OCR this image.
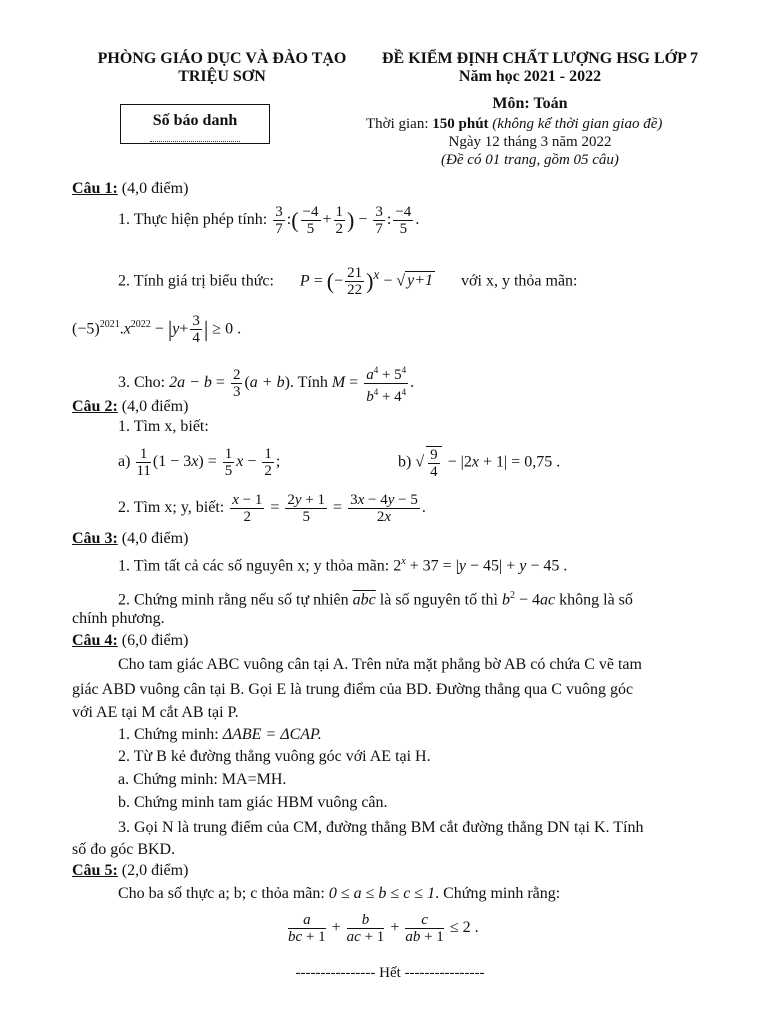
PHÒNG GIÁO DỤC VÀ ĐÀO TẠO
TRIỆU SƠN
ĐỀ KIỂM ĐỊNH CHẤT LƯỢNG HSG LỚP 7
Năm học 2021 - 2022
Môn: Toán
Thời gian: 150 phút (không kể thời gian giao đề)
Ngày 12 tháng 3 năm 2022
(Đề có 01 trang, gồm 05 câu)
Số báo danh
Câu 1: (4,0 điểm)
1. Thực hiện phép tính: $\frac{3}{7}$ :( $\frac{-4}{5} + \frac{1}{2}$ ) − $\frac{3}{7}$ : $\frac{-4}{5}$ .
2. Tính giá trị biểu thức: P = (− $\frac{21}{22} )^x$ − √ y+1 với x, y thỏa mãn:
$(-5)^{2021}.x^{2022} - |y+ \frac{3}{4}$ | ≥ 0 .
3. Cho: $2a - b = \frac{2}{3} (a + b)$. Tính $M = \frac{a^4 + 5^4}{b^4 + 4^4}$ .
Câu 2: (4,0 điểm)
1. Tìm x, biết:
$a) \frac{1}{11} (1 - 3x) = \frac{1}{5}$ $x - \frac{1}{2}$ ;	b) √ $\frac{9}{4} - |2x + 1| = 0,75$ .
2. Tìm x; y, biết: $\frac{x - 1}{2} = \frac{2y + 1}{5} = \frac{3x - 4y - 5}{2x}$ .
Câu 3: (4,0 điểm)
1. Tìm tất cả các số nguyên x; y thỏa mãn: $2^x + 37 = |y - 45| + y - 45$ .
2. Chứng minh rằng nếu số tự nhiên $\overline{abc}$ là số nguyên tố thì $b^2 - 4ac$ không là số
chính phương.
Câu 4: (6,0 điểm)
Cho tam giác ABC vuông cân tại A. Trên nửa mặt phẳng bờ AB có chứa C vẽ tam
giác ABD vuông cân tại B. Gọi E là trung điểm của BD. Đường thẳng qua C vuông góc
với AE tại M cắt AB tại P.
1. Chứng minh: ΔABE = ΔCAP.
2. Từ B kẻ đường thẳng vuông góc với AE tại H.
a. Chứng minh: MA=MH.
b. Chứng minh tam giác HBM vuông cân.
3. Gọi N là trung điểm của CM, đường thẳng BM cắt đường thẳng DN tại K. Tính
số đo góc BKD.
Câu 5: (2,0 điểm)
Cho ba số thực a; b; c thỏa mãn: 0 ≤ a ≤ b ≤ c ≤ 1. Chứng minh rằng:
$\frac{a}{bc + 1} + \frac{b}{ac + 1} + \frac{c}{ab + 1} \le 2$ .
---------------- Hết ----------------
